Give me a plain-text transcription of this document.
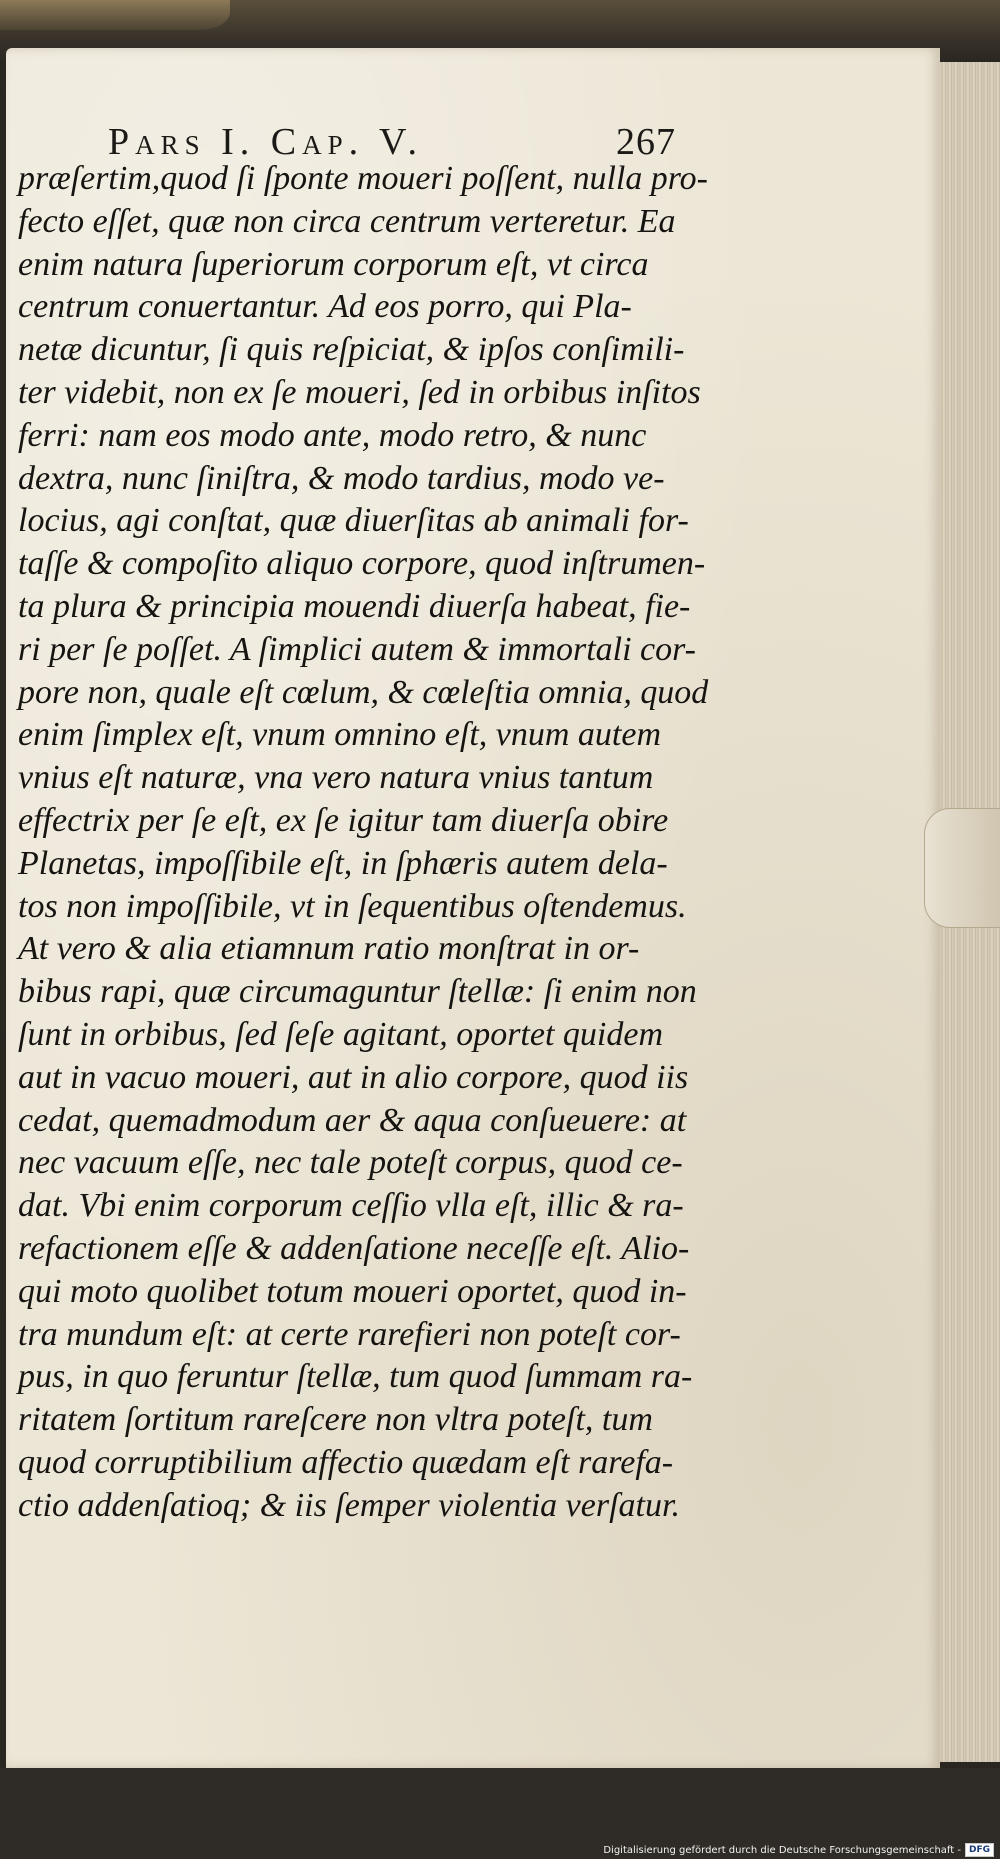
Pars I. Cap. V.	267
præſertim,quod ſi ſponte moueri poſſent, nulla pro-
fecto eſſet, quæ non circa centrum verteretur. Ea
enim natura ſuperiorum corporum eſt, vt circa
centrum conuertantur. Ad eos porro, qui Pla-
netæ dicuntur, ſi quis reſpiciat, & ipſos conſimili-
ter videbit, non ex ſe moueri, ſed in orbibus inſitos
ferri: nam eos modo ante, modo retro, & nunc
dextra, nunc ſiniſtra, & modo tardius, modo ve-
locius, agi conſtat, quæ diuerſitas ab animali for-
taſſe & compoſito aliquo corpore, quod inſtrumen-
ta plura & principia mouendi diuerſa habeat, fie-
ri per ſe poſſet. A ſimplici autem & immortali cor-
pore non, quale eſt cœlum, & cœleſtia omnia, quod
enim ſimplex eſt, vnum omnino eſt, vnum autem
vnius eſt naturæ, vna vero natura vnius tantum
effectrix per ſe eſt, ex ſe igitur tam diuerſa obire
Planetas, impoſſibile eſt, in ſphæris autem dela-
tos non impoſſibile, vt in ſequentibus oſtendemus.
At vero & alia etiamnum ratio monſtrat in or-
bibus rapi, quæ circumaguntur ſtellæ: ſi enim non
ſunt in orbibus, ſed ſeſe agitant, oportet quidem
aut in vacuo moueri, aut in alio corpore, quod iis
cedat, quemadmodum aer & aqua conſueuere: at
nec vacuum eſſe, nec tale poteſt corpus, quod ce-
dat. Vbi enim corporum ceſſio vlla eſt, illic & ra-
refactionem eſſe & addenſatione neceſſe eſt. Alio-
qui moto quolibet totum moueri oportet, quod in-
tra mundum eſt: at certe rarefieri non poteſt cor-
pus, in quo feruntur ſtellæ, tum quod ſummam ra-
ritatem ſortitum rareſcere non vltra poteſt, tum
quod corruptibilium affectio quædam eſt rarefa-
ctio addenſatioq; & iis ſemper violentia verſatur.
Digitalisierung gefördert durch die Deutsche Forschungsgemeinschaft - DFG
